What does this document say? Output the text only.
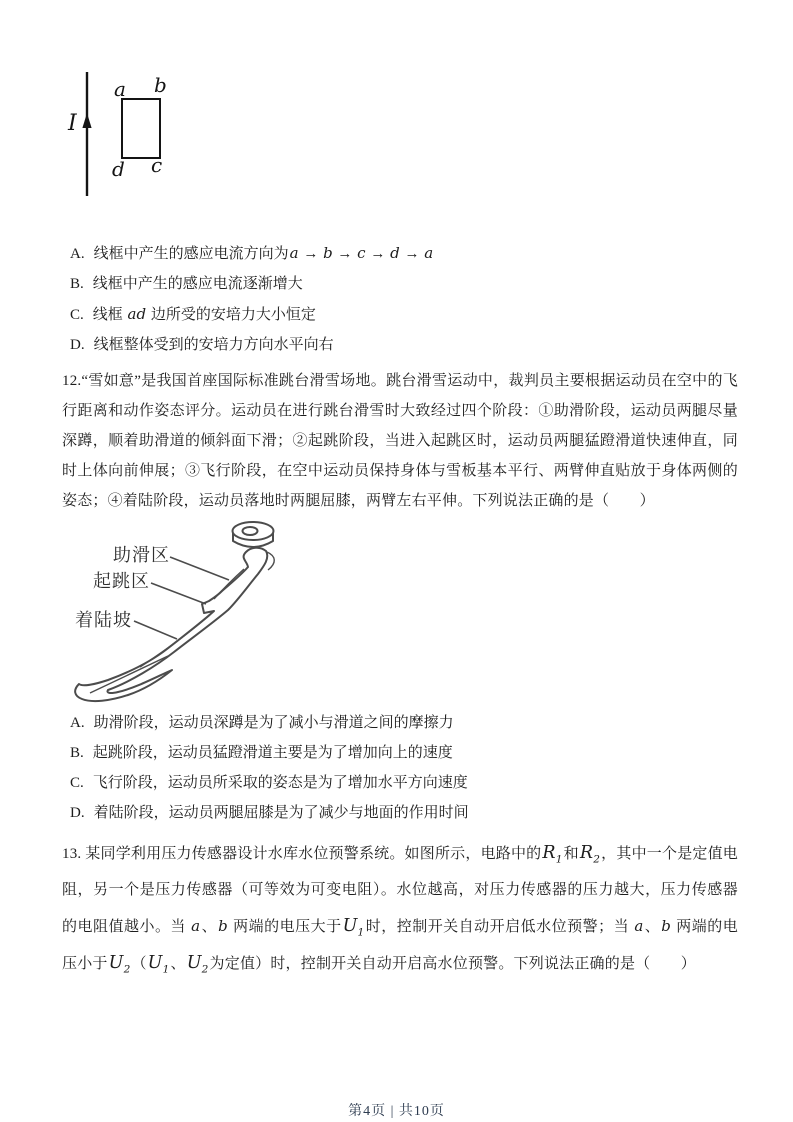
I
a b
c
d
A. 线框中产生的感应电流方向为a → b → c → d → a
B. 线框中产生的感应电流逐渐增大
C. 线框 ad 边所受的安培力大小恒定
D. 线框整体受到的安培力方向水平向右
12.“雪如意”是我国首座国际标准跳台滑雪场地。跳台滑雪运动中，裁判员主要根据运动员在空中的飞行距离和动作姿态评分。运动员在进行跳台滑雪时大致经过四个阶段：①助滑阶段，运动员两腿尽量深蹲，顺着助滑道的倾斜面下滑；②起跳阶段，当进入起跳区时，运动员两腿猛蹬滑道快速伸直，同时上体向前伸展；③飞行阶段，在空中运动员保持身体与雪板基本平行、两臂伸直贴放于身体两侧的姿态；④着陆阶段，运动员落地时两腿屈膝，两臂左右平伸。下列说法正确的是（　　）
助滑区
起跳区
着陆坡
A. 助滑阶段，运动员深蹲是为了减小与滑道之间的摩擦力
B. 起跳阶段，运动员猛蹬滑道主要是为了增加向上的速度
C. 飞行阶段，运动员所采取的姿态是为了增加水平方向速度
D. 着陆阶段，运动员两腿屈膝是为了减少与地面的作用时间
13. 某同学利用压力传感器设计水库水位预警系统。如图所示，电路中的$R_1$和$R_2$，其中一个是定值电阻，另一个是压力传感器（可等效为可变电阻）。水位越高，对压力传感器的压力越大，压力传感器的电阻值越小。当 a、b 两端的电压大于$U_1$时，控制开关自动开启低水位预警；当 a、b 两端的电压小于$U_2(U_1$、$U_2$为定值）时，控制开关自动开启高水位预警。下列说法正确的是（　　）
第4页 | 共10页
